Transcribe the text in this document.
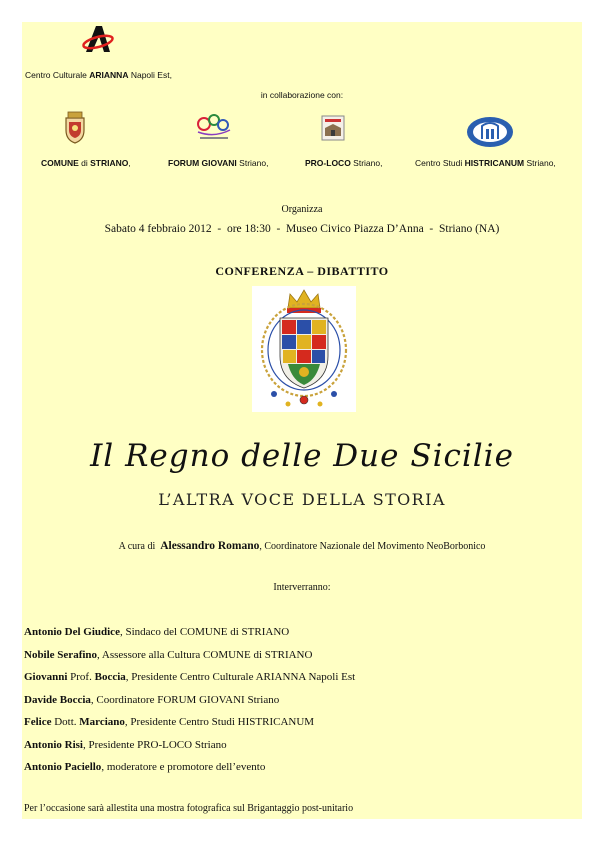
Centro Culturale ARIANNA Napoli Est,
in collaborazione con:
COMUNE di STRIANO,	FORUM GIOVANI Striano,	PRO-LOCO Striano,	Centro Studi HISTRICANUM Striano,
Organizza
Sabato 4 febbraio 2012  -  ore 18:30  -  Museo Civico Piazza D’Anna  -  Striano (NA)
CONFERENZA – DIBATTITO
Il Regno delle Due Sicilie
L’ALTRA VOCE DELLA STORIA
A cura di  Alessandro Romano, Coordinatore Nazionale del Movimento NeoBorbonico
Interverranno:
Antonio Del Giudice, Sindaco del COMUNE di STRIANO
Nobile Serafino, Assessore alla Cultura COMUNE di STRIANO
Giovanni Prof. Boccia, Presidente Centro Culturale ARIANNA Napoli Est
Davide Boccia, Coordinatore FORUM GIOVANI Striano
Felice Dott. Marciano, Presidente Centro Studi HISTRICANUM
Antonio Risi, Presidente PRO-LOCO Striano
Antonio Paciello, moderatore e promotore dell’evento
Per l’occasione sarà allestita una mostra fotografica sul Brigantaggio post-unitario
